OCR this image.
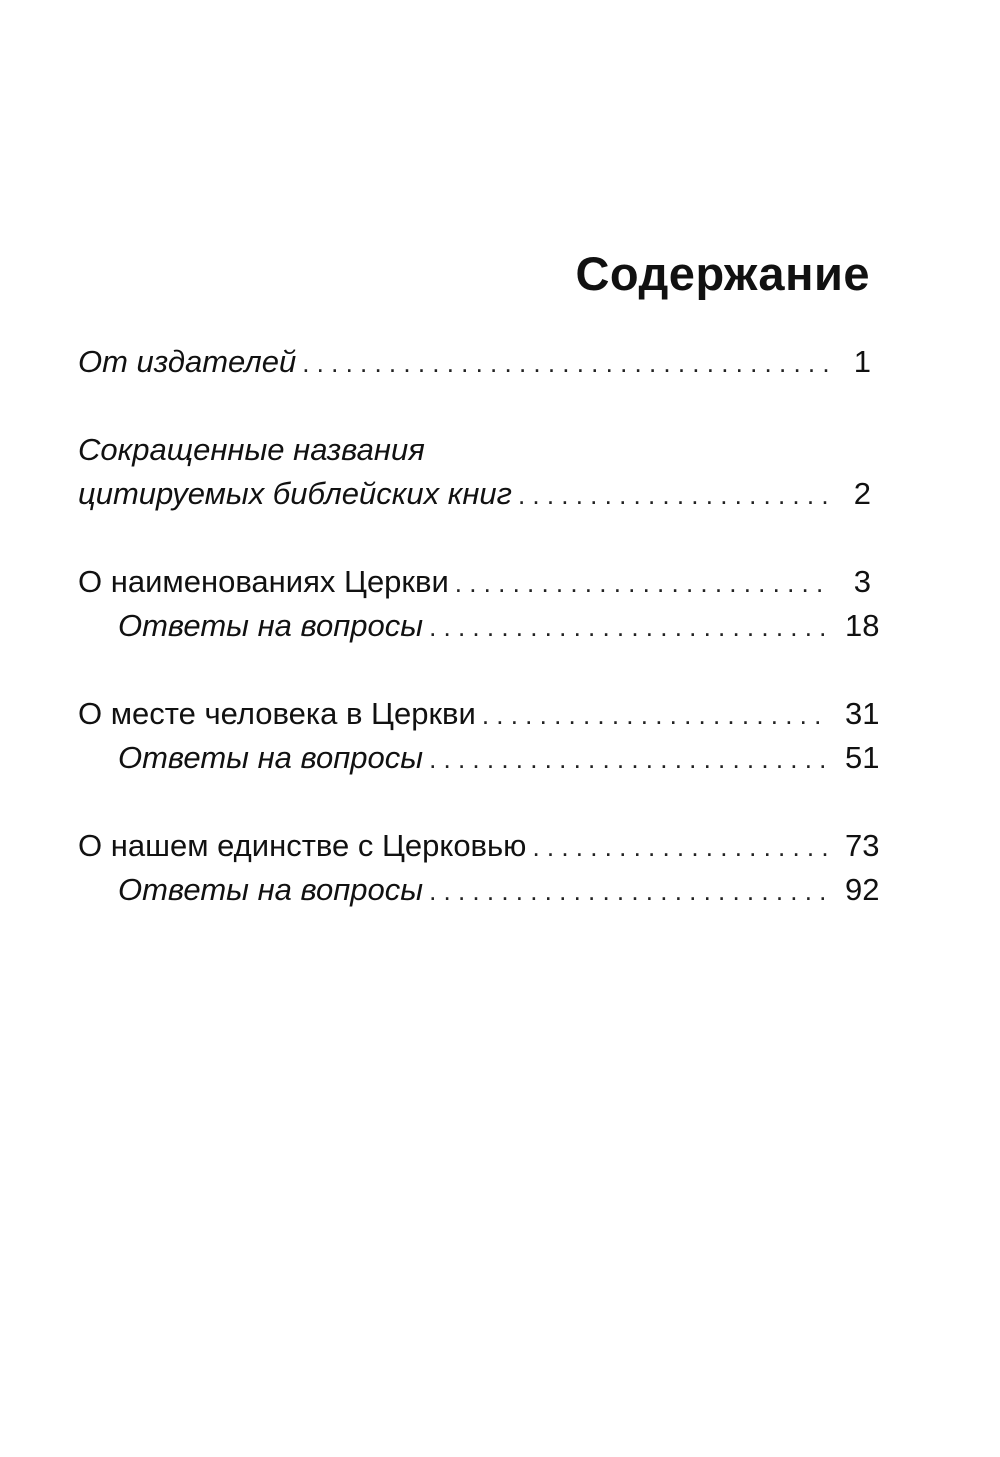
Содержание
От издателей . . .	1
Сокращенные названия
цитируемых библейских книг . . .	2
О наименованиях Церкви . . .	3
Ответы на вопросы . . .	18
О месте человека в Церкви . . .	31
Ответы на вопросы . . .	51
О нашем единстве с Церковью . . .	73
Ответы на вопросы . . .	92
